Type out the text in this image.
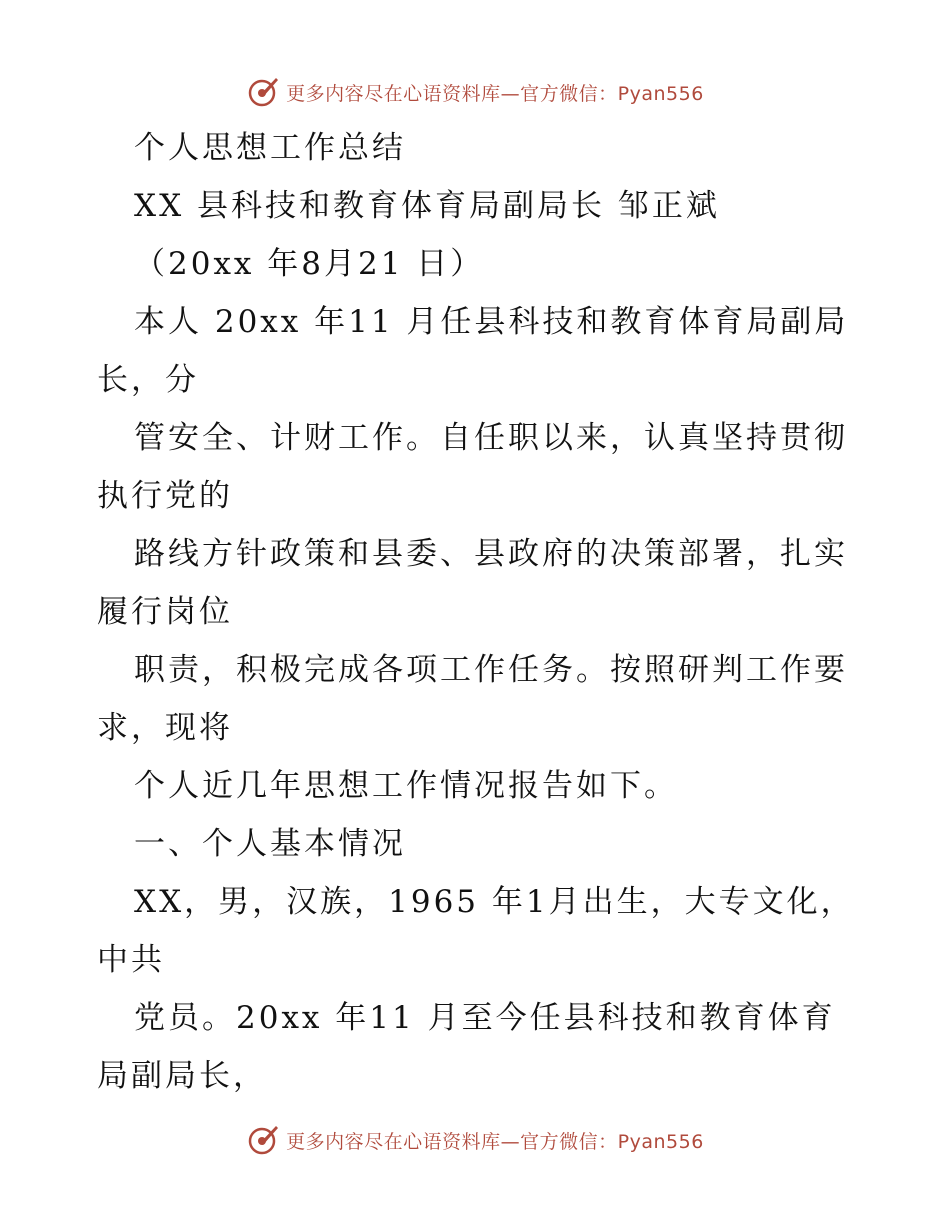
更多内容尽在心语资料库—官方微信：Pyan556
个人思想工作总结
XX 县科技和教育体育局副局长 邹正斌
（20xx 年8月21 日）
本人 20xx 年11 月任县科技和教育体育局副局
长，分
管安全、计财工作。自任职以来，认真坚持贯彻
执行党的
路线方针政策和县委、县政府的决策部署，扎实
履行岗位
职责，积极完成各项工作任务。按照研判工作要
求，现将
个人近几年思想工作情况报告如下。
一、个人基本情况
XX，男，汉族，1965 年1月出生，大专文化，
中共
党员。20xx 年11 月至今任县科技和教育体育
局副局长，
更多内容尽在心语资料库—官方微信：Pyan556
